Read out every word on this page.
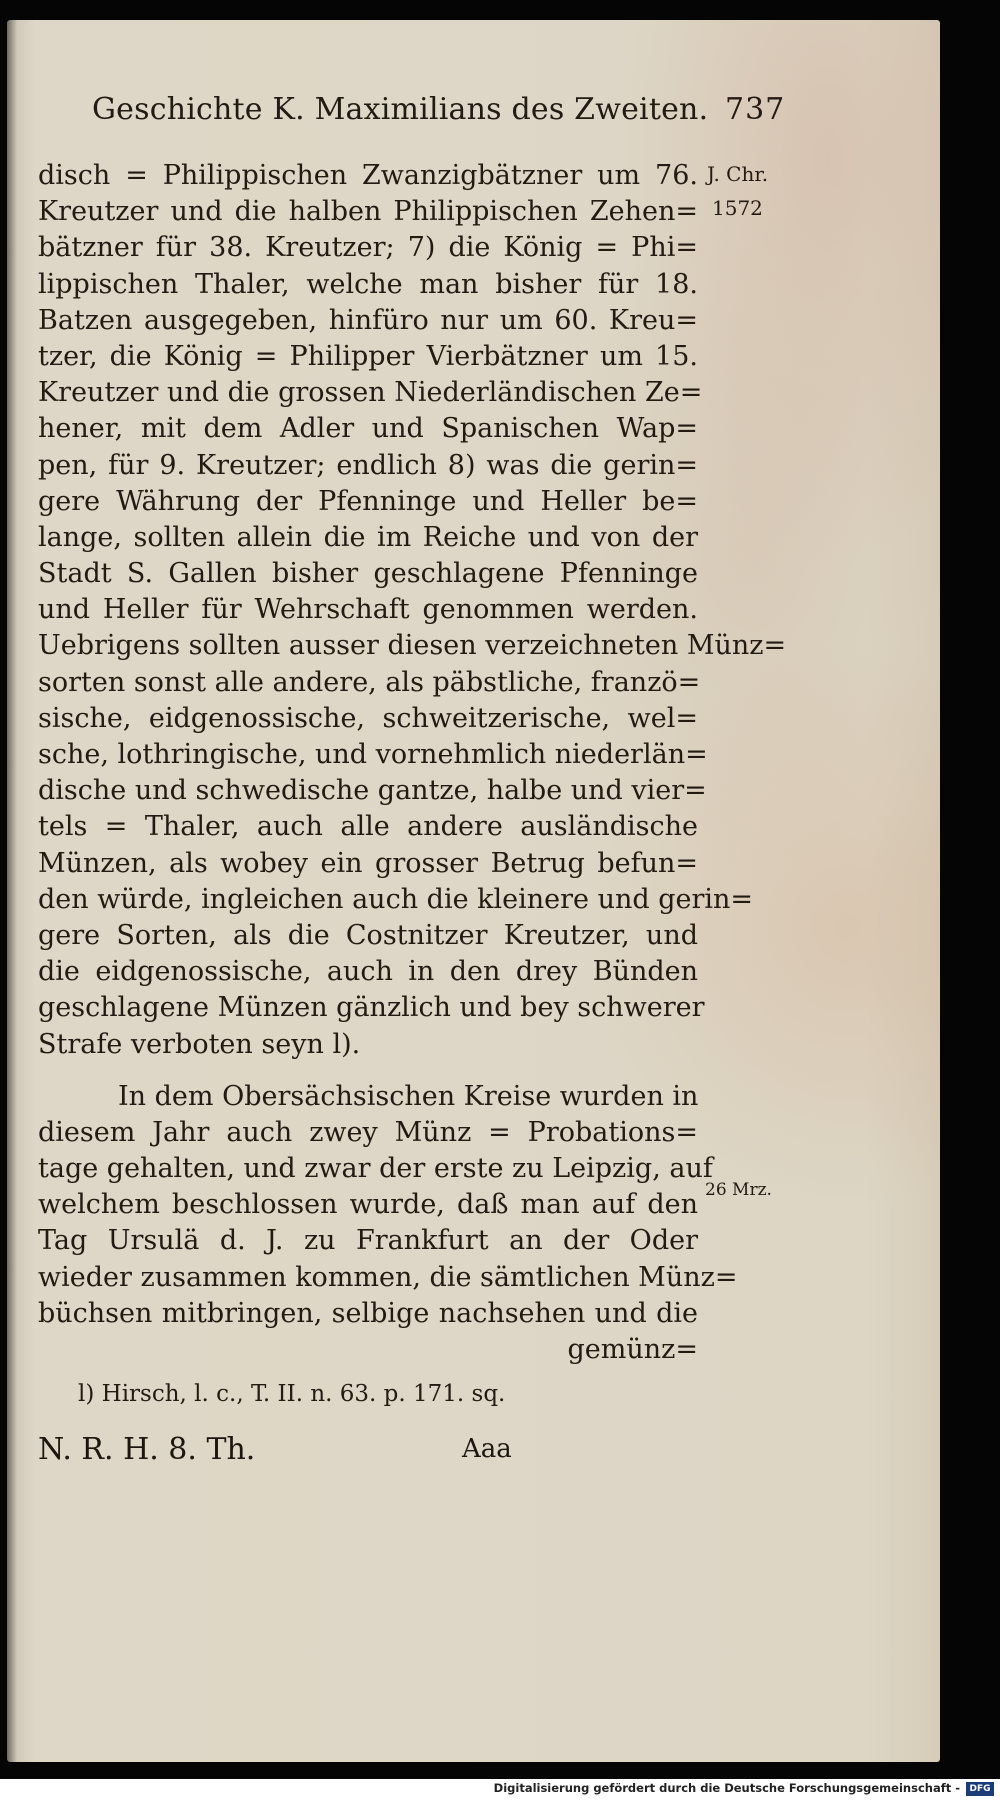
Geschichte K. Maximilians des Zweiten. 737
J. Chr.
1572
26 Mrz.
disch = Philippischen Zwanzigbätzner um 76.
Kreutzer und die halben Philippischen Zehen=
bätzner für 38. Kreutzer; 7) die König = Phi=
lippischen Thaler, welche man bisher für 18.
Batzen ausgegeben, hinfüro nur um 60. Kreu=
tzer, die König = Philipper Vierbätzner um 15.
Kreutzer und die grossen Niederländischen Ze=
hener, mit dem Adler und Spanischen Wap=
pen, für 9. Kreutzer; endlich 8) was die gerin=
gere Währung der Pfenninge und Heller be=
lange, sollten allein die im Reiche und von der
Stadt S. Gallen bisher geschlagene Pfenninge
und Heller für Wehrschaft genommen werden.
Uebrigens sollten ausser diesen verzeichneten Münz=
sorten sonst alle andere, als päbstliche, franzö=
sische, eidgenossische, schweitzerische, wel=
sche, lothringische, und vornehmlich niederlän=
dische und schwedische gantze, halbe und vier=
tels = Thaler, auch alle andere ausländische
Münzen, als wobey ein grosser Betrug befun=
den würde, ingleichen auch die kleinere und gerin=
gere Sorten, als die Costnitzer Kreutzer, und
die eidgenossische, auch in den drey Bünden
geschlagene Münzen gänzlich und bey schwerer
Strafe verboten seyn l).
In dem Obersächsischen Kreise wurden in
diesem Jahr auch zwey Münz = Probations=
tage gehalten, und zwar der erste zu Leipzig, auf
welchem beschlossen wurde, daß man auf den
Tag Ursulä d. J. zu Frankfurt an der Oder
wieder zusammen kommen, die sämtlichen Münz=
büchsen mitbringen, selbige nachsehen und die
gemünz=
l) Hirsch, l. c., T. II. n. 63. p. 171. sq.
N. R. H. 8. Th.	Aaa
Digitalisierung gefördert durch die Deutsche Forschungsgemeinschaft -	DFG
